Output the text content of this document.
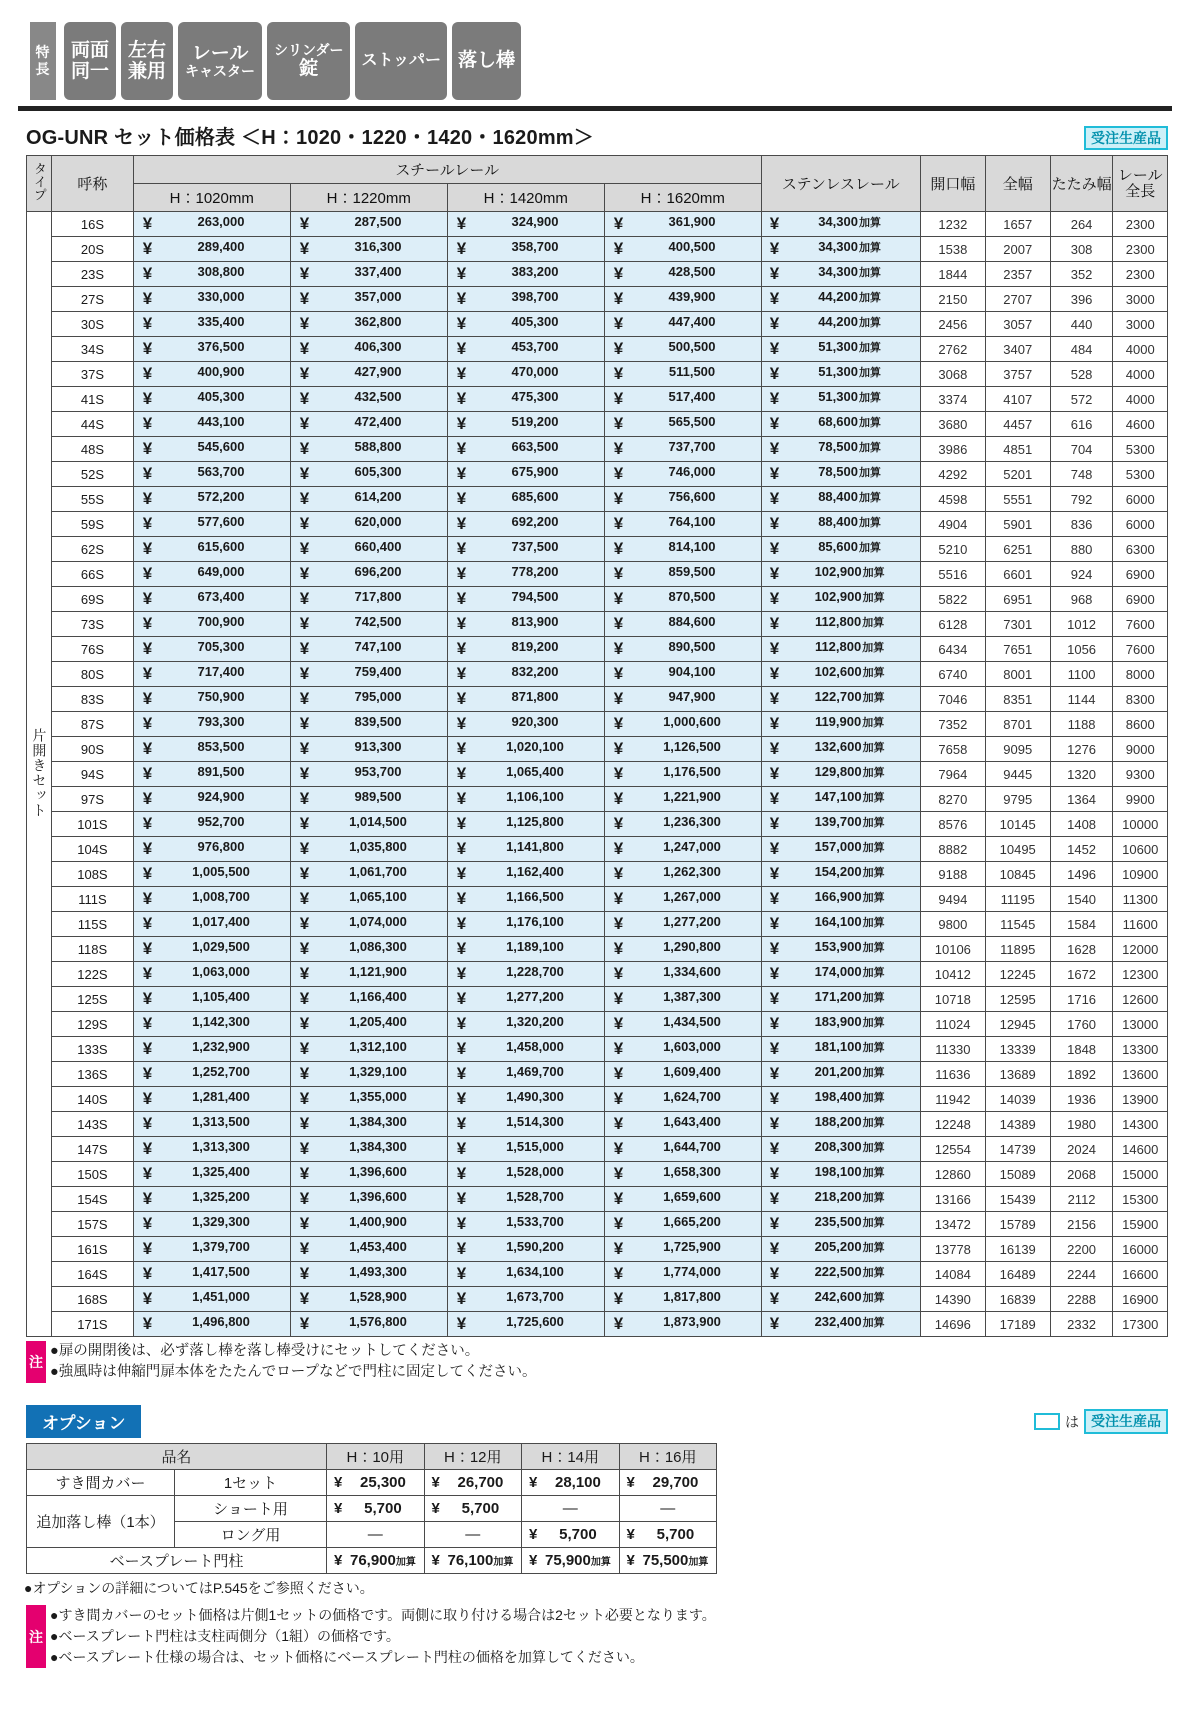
特
長
両面
同一
左右
兼用
レール
キャスター
シリンダー
錠	ストッパー 落し棒
OG-UNR セット価格表 ＜H：1020・1220・1420・1620mm＞	受注生産品
タイプ	呼称	スチールレール				ステンレスレール	開口幅	全幅	たたみ幅	レール
全長

		H：1020mm	H：1220mm	H：1420mm	H：1620mm					
片開きセット	16S	¥ 263,000	¥ 287,500	¥ 324,900	¥ 361,900	¥ 34,300加算	1232	1657	264	2300
	20S	¥ 289,400	¥ 316,300	¥ 358,700	¥ 400,500	¥ 34,300加算	1538	2007	308	2300
	23S	¥ 308,800	¥ 337,400	¥ 383,200	¥ 428,500	¥ 34,300加算	1844	2357	352	2300
	27S	¥ 330,000	¥ 357,000	¥ 398,700	¥ 439,900	¥ 44,200加算	2150	2707	396	3000
	30S	¥ 335,400	¥ 362,800	¥ 405,300	¥ 447,400	¥ 44,200加算	2456	3057	440	3000
	34S	¥ 376,500	¥ 406,300	¥ 453,700	¥ 500,500	¥ 51,300加算	2762	3407	484	4000
	37S	¥ 400,900	¥ 427,900	¥ 470,000	¥ 511,500	¥ 51,300加算	3068	3757	528	4000
	41S	¥ 405,300	¥ 432,500	¥ 475,300	¥ 517,400	¥ 51,300加算	3374	4107	572	4000
	44S	¥ 443,100	¥ 472,400	¥ 519,200	¥ 565,500	¥ 68,600加算	3680	4457	616	4600
	48S	¥ 545,600	¥ 588,800	¥ 663,500	¥ 737,700	¥ 78,500加算	3986	4851	704	5300
	52S	¥ 563,700	¥ 605,300	¥ 675,900	¥ 746,000	¥ 78,500加算	4292	5201	748	5300
	55S	¥ 572,200	¥ 614,200	¥ 685,600	¥ 756,600	¥ 88,400加算	4598	5551	792	6000
	59S	¥ 577,600	¥ 620,000	¥ 692,200	¥ 764,100	¥ 88,400加算	4904	5901	836	6000
	62S	¥ 615,600	¥ 660,400	¥ 737,500	¥ 814,100	¥ 85,600加算	5210	6251	880	6300
	66S	¥ 649,000	¥ 696,200	¥ 778,200	¥ 859,500	¥ 102,900加算	5516	6601	924	6900
	69S	¥ 673,400	¥ 717,800	¥ 794,500	¥ 870,500	¥ 102,900加算	5822	6951	968	6900
	73S	¥ 700,900	¥ 742,500	¥ 813,900	¥ 884,600	¥ 112,800加算	6128	7301	1012	7600
	76S	¥ 705,300	¥ 747,100	¥ 819,200	¥ 890,500	¥ 112,800加算	6434	7651	1056	7600
	80S	¥ 717,400	¥ 759,400	¥ 832,200	¥ 904,100	¥ 102,600加算	6740	8001	1100	8000
	83S	¥ 750,900	¥ 795,000	¥ 871,800	¥ 947,900	¥ 122,700加算	7046	8351	1144	8300
	87S	¥ 793,300	¥ 839,500	¥ 920,300	¥ 1,000,600	¥ 119,900加算	7352	8701	1188	8600
	90S	¥ 853,500	¥ 913,300	¥ 1,020,100	¥ 1,126,500	¥ 132,600加算	7658	9095	1276	9000
	94S	¥ 891,500	¥ 953,700	¥ 1,065,400	¥ 1,176,500	¥ 129,800加算	7964	9445	1320	9300
	97S	¥ 924,900	¥ 989,500	¥ 1,106,100	¥ 1,221,900	¥ 147,100加算	8270	9795	1364	9900
	101S	¥ 952,700	¥ 1,014,500	¥ 1,125,800	¥ 1,236,300	¥ 139,700加算	8576	10145	1408	10000
	104S	¥ 976,800	¥ 1,035,800	¥ 1,141,800	¥ 1,247,000	¥ 157,000加算	8882	10495	1452	10600
	108S	¥ 1,005,500	¥ 1,061,700	¥ 1,162,400	¥ 1,262,300	¥ 154,200加算	9188	10845	1496	10900
	111S	¥ 1,008,700	¥ 1,065,100	¥ 1,166,500	¥ 1,267,000	¥ 166,900加算	9494	11195	1540	11300
	115S	¥ 1,017,400	¥ 1,074,000	¥ 1,176,100	¥ 1,277,200	¥ 164,100加算	9800	11545	1584	11600
	118S	¥ 1,029,500	¥ 1,086,300	¥ 1,189,100	¥ 1,290,800	¥ 153,900加算	10106	11895	1628	12000
	122S	¥ 1,063,000	¥ 1,121,900	¥ 1,228,700	¥ 1,334,600	¥ 174,000加算	10412	12245	1672	12300
	125S	¥ 1,105,400	¥ 1,166,400	¥ 1,277,200	¥ 1,387,300	¥ 171,200加算	10718	12595	1716	12600
	129S	¥ 1,142,300	¥ 1,205,400	¥ 1,320,200	¥ 1,434,500	¥ 183,900加算	11024	12945	1760	13000
	133S	¥ 1,232,900	¥ 1,312,100	¥ 1,458,000	¥ 1,603,000	¥ 181,100加算	11330	13339	1848	13300
	136S	¥ 1,252,700	¥ 1,329,100	¥ 1,469,700	¥ 1,609,400	¥ 201,200加算	11636	13689	1892	13600
	140S	¥ 1,281,400	¥ 1,355,000	¥ 1,490,300	¥ 1,624,700	¥ 198,400加算	11942	14039	1936	13900
	143S	¥ 1,313,500	¥ 1,384,300	¥ 1,514,300	¥ 1,643,400	¥ 188,200加算	12248	14389	1980	14300
	147S	¥ 1,313,300	¥ 1,384,300	¥ 1,515,000	¥ 1,644,700	¥ 208,300加算	12554	14739	2024	14600
	150S	¥ 1,325,400	¥ 1,396,600	¥ 1,528,000	¥ 1,658,300	¥ 198,100加算	12860	15089	2068	15000
	154S	¥ 1,325,200	¥ 1,396,600	¥ 1,528,700	¥ 1,659,600	¥ 218,200加算	13166	15439	2112	15300
	157S	¥ 1,329,300	¥ 1,400,900	¥ 1,533,700	¥ 1,665,200	¥ 235,500加算	13472	15789	2156	15900
	161S	¥ 1,379,700	¥ 1,453,400	¥ 1,590,200	¥ 1,725,900	¥ 205,200加算	13778	16139	2200	16000
	164S	¥ 1,417,500	¥ 1,493,300	¥ 1,634,100	¥ 1,774,000	¥ 222,500加算	14084	16489	2244	16600
	168S	¥ 1,451,000	¥ 1,528,900	¥ 1,673,700	¥ 1,817,800	¥ 242,600加算	14390	16839	2288	16900
	171S	¥ 1,496,800	¥ 1,576,800	¥ 1,725,600	¥ 1,873,900	¥ 232,400加算	14696	17189	2332	17300
注
●扉の開閉後は、必ず落し棒を落し棒受けにセットしてください。
●強風時は伸縮門扉本体をたたんでロープなどで門柱に固定してください。
オプション	は 受注生産品
品名		H：10用	H：12用	H：14用	H：16用
すき間カバー	1セット	¥ 25,300	¥ 26,700	¥ 28,100	¥ 29,700
追加落し棒（1本）	ショート用	¥ 5,700	¥ 5,700	―	―
	ロング用	―	―	¥ 5,700	¥ 5,700
ベースプレート門柱		¥ 76,900加算	¥ 76,100加算	¥ 75,900加算	¥ 75,500加算
●オプションの詳細についてはP.545をご参照ください。
注
●すき間カバーのセット価格は片側1セットの価格です。両側に取り付ける場合は2セット必要となります。
●ベースプレート門柱は支柱両側分（1組）の価格です。
●ベースプレート仕様の場合は、セット価格にベースプレート門柱の価格を加算してください。
